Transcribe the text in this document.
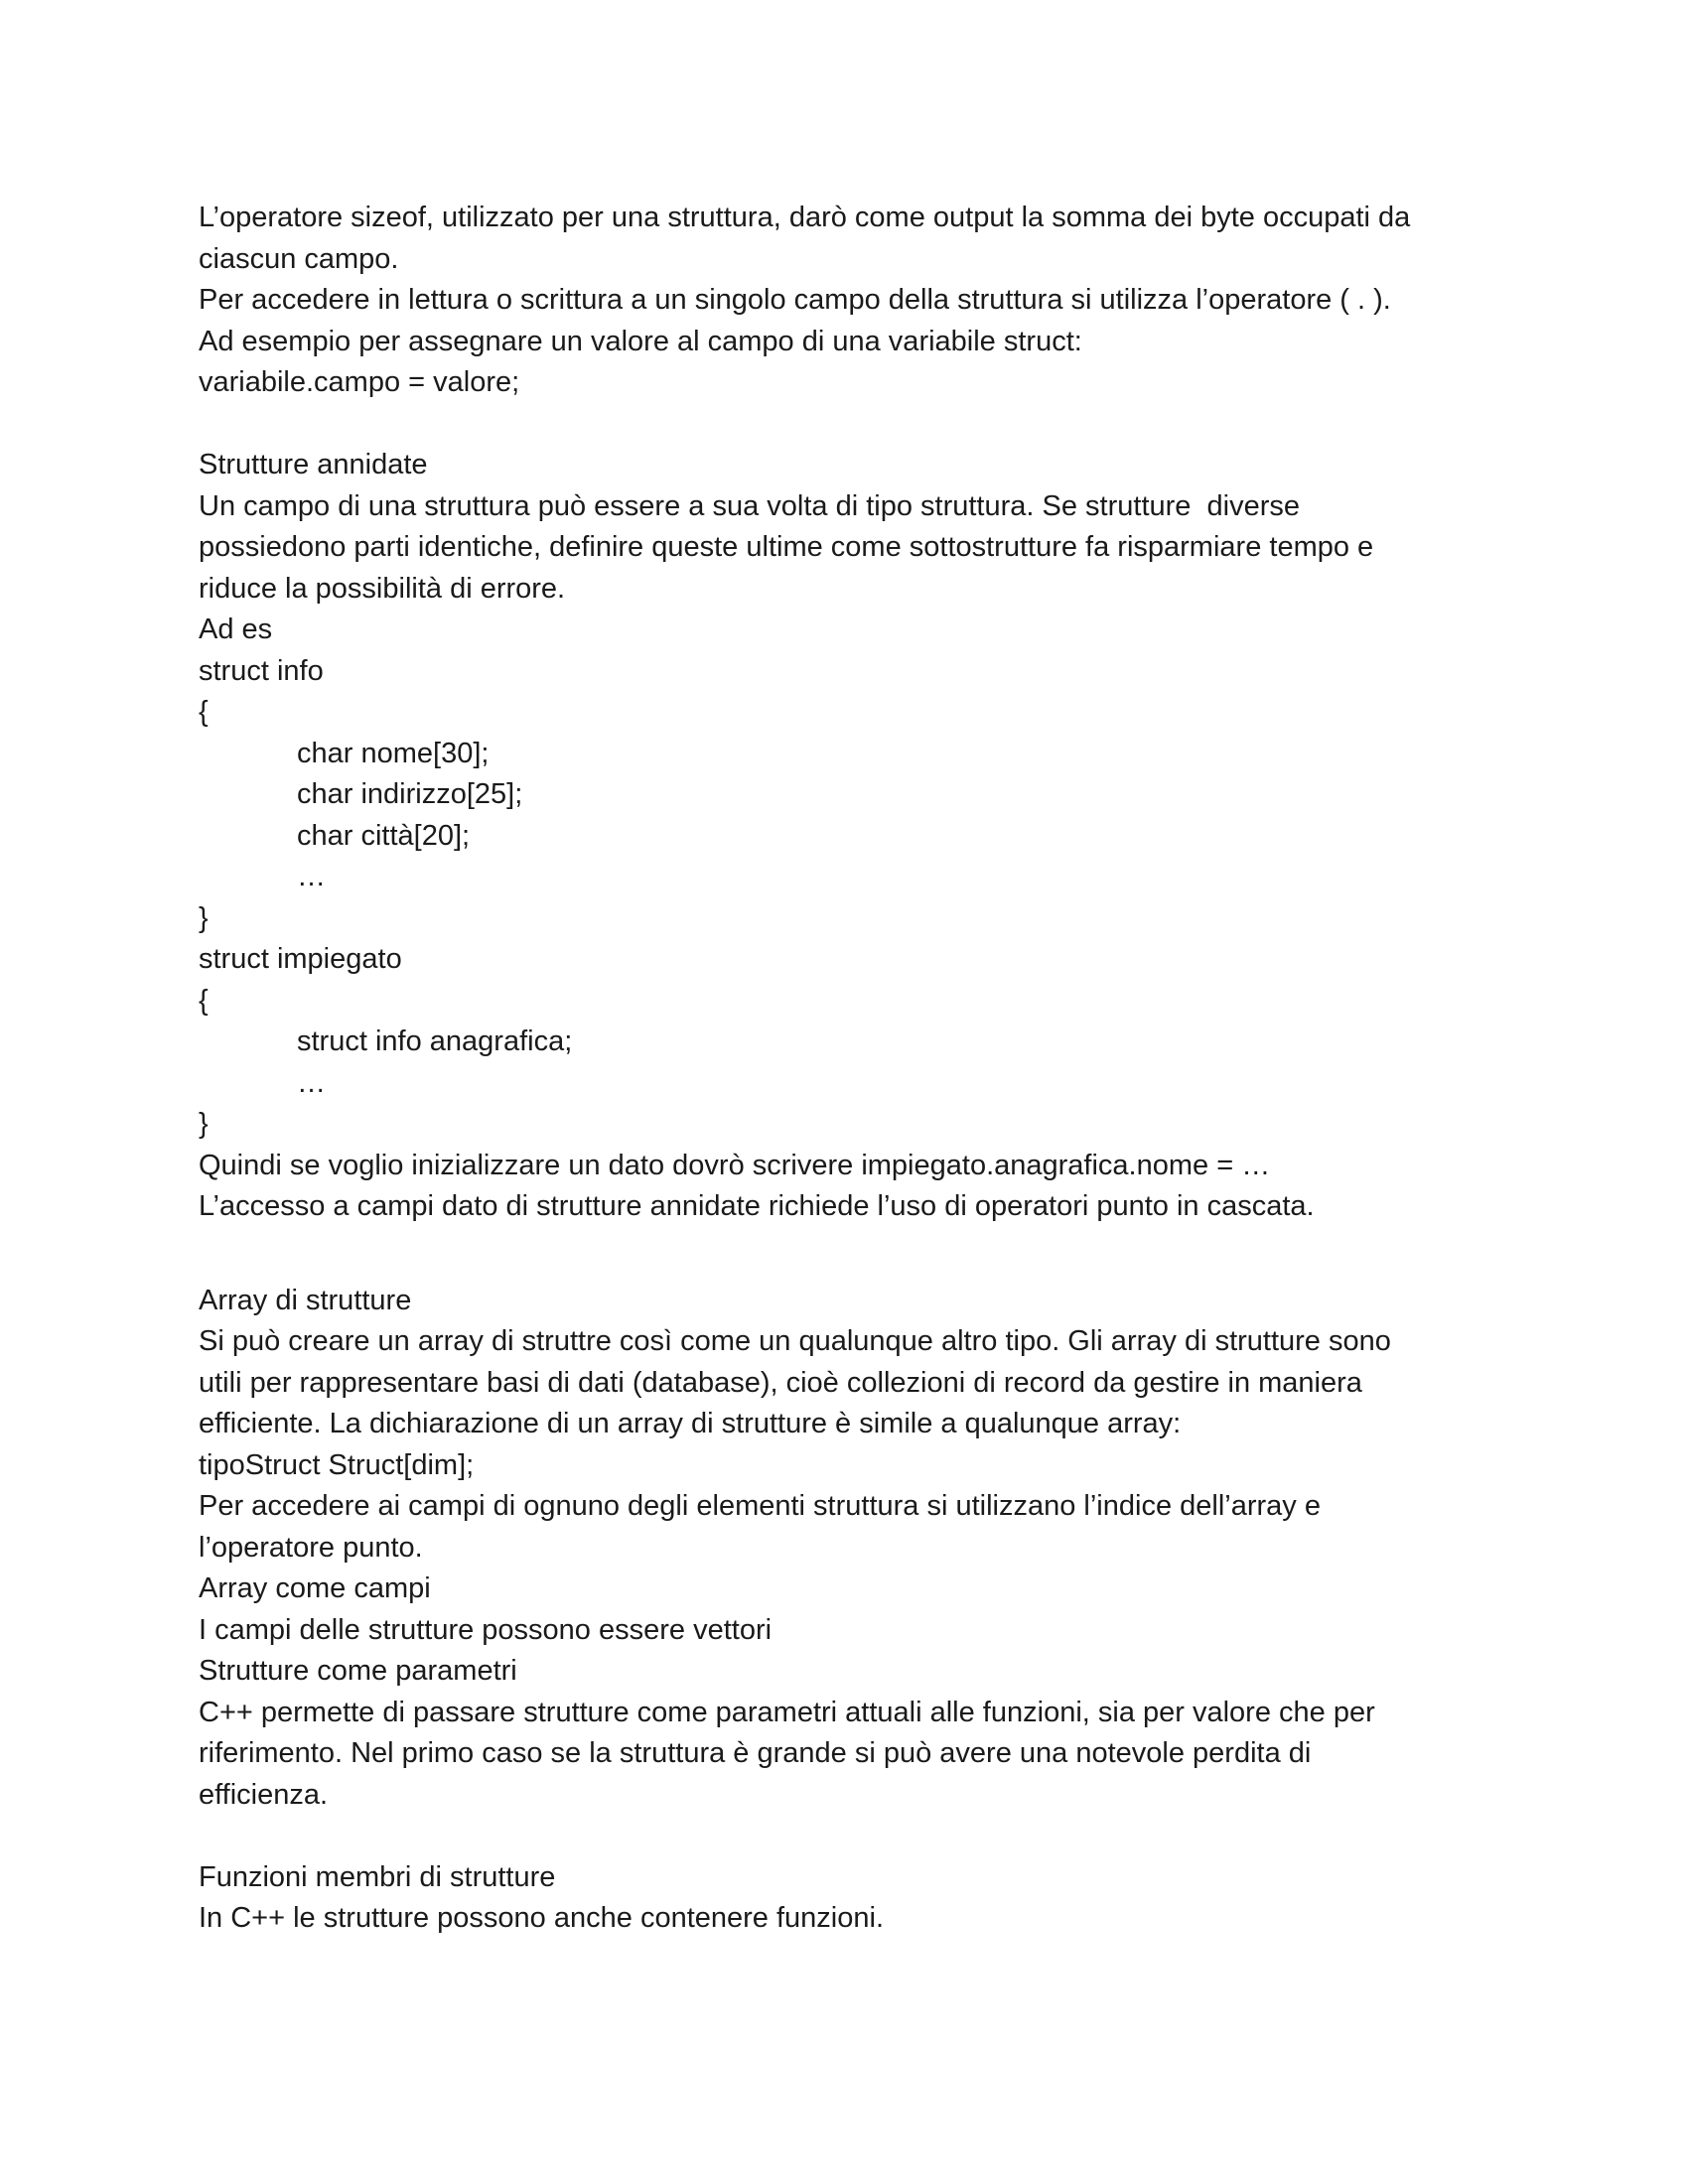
L’operatore sizeof, utilizzato per una struttura, darò come output la somma dei byte occupati da
ciascun campo.
Per accedere in lettura o scrittura a un singolo campo della struttura si utilizza l’operatore ( . ).
Ad esempio per assegnare un valore al campo di una variabile struct:
variabile.campo = valore;
Strutture annidate
Un campo di una struttura può essere a sua volta di tipo struttura. Se strutture  diverse
possiedono parti identiche, definire queste ultime come sottostrutture fa risparmiare tempo e
riduce la possibilità di errore.
Ad es
struct info
{
char nome[30];
char indirizzo[25];
char città[20];
…
}
struct impiegato
{
struct info anagrafica;
…
}
Quindi se voglio inizializzare un dato dovrò scrivere impiegato.anagrafica.nome = …
L’accesso a campi dato di strutture annidate richiede l’uso di operatori punto in cascata.
Array di strutture
Si può creare un array di struttre così come un qualunque altro tipo. Gli array di strutture sono
utili per rappresentare basi di dati (database), cioè collezioni di record da gestire in maniera
efficiente. La dichiarazione di un array di strutture è simile a qualunque array:
tipoStruct Struct[dim];
Per accedere ai campi di ognuno degli elementi struttura si utilizzano l’indice dell’array e
l’operatore punto.
Array come campi
I campi delle strutture possono essere vettori
Strutture come parametri
C++ permette di passare strutture come parametri attuali alle funzioni, sia per valore che per
riferimento. Nel primo caso se la struttura è grande si può avere una notevole perdita di
efficienza.
Funzioni membri di strutture
In C++ le strutture possono anche contenere funzioni.
